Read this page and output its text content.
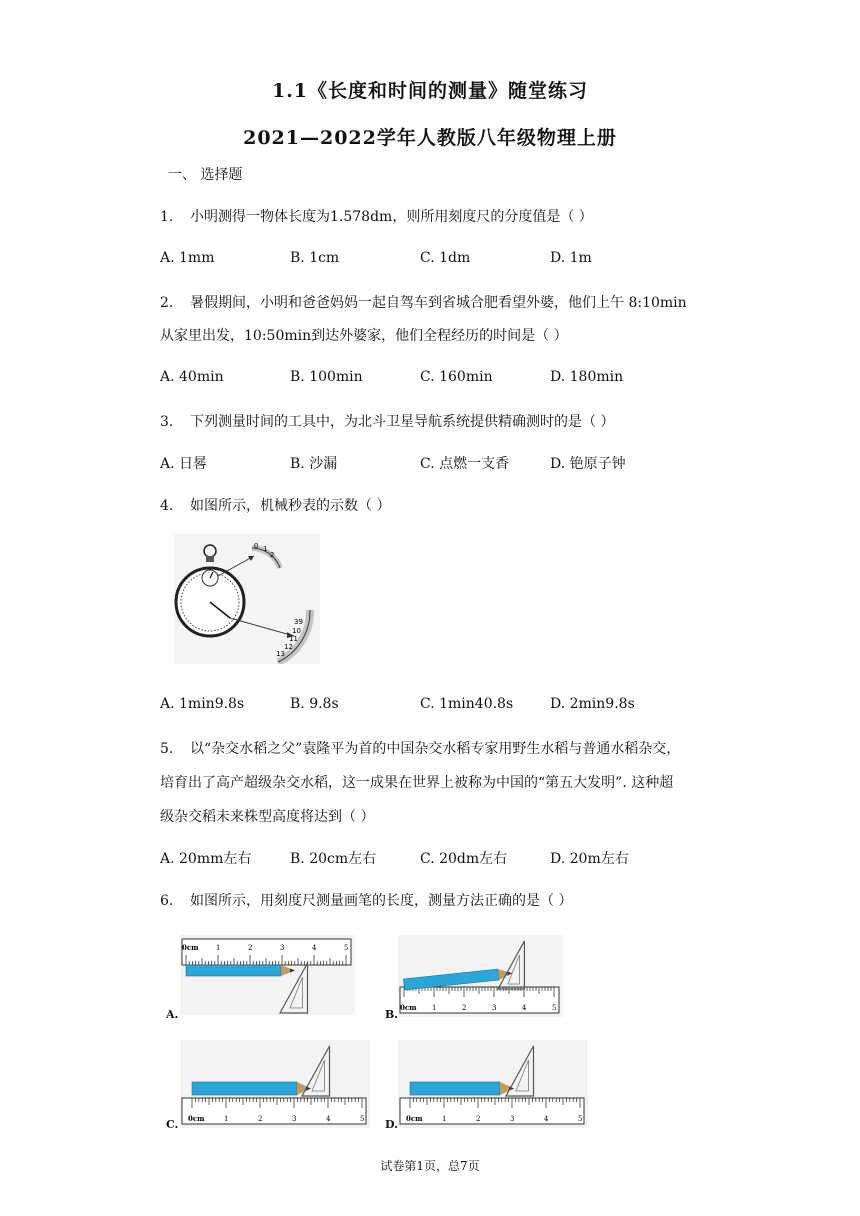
1.1《长度和时间的测量》随堂练习
2021—2022学年人教版八年级物理上册
一、 选择题
1. 小明测得一物体长度为1.578dm，则所用刻度尺的分度值是（ ）
A. 1mm	B. 1cm	C. 1dm	D. 1m
2. 暑假期间，小明和爸爸妈妈一起自驾车到省城合肥看望外婆，他们上午 8:10min
从家里出发，10:50min到达外婆家，他们全程经历的时间是（ ）
A. 40min	B. 100min	C. 160min	D. 180min
3. 下列测量时间的工具中，为北斗卫星导航系统提供精确测时的是（ ）
A. 日晷	B. 沙漏	C. 点燃一支香	D. 铯原子钟
4. 如图所示，机械秒表的示数（ ）
0 1
2
39
10
11
12
13
A. 1min9.8s	B. 9.8s	C. 1min40.8s	D. 2min9.8s
5. 以“杂交水稻之父”袁隆平为首的中国杂交水稻专家用野生水稻与普通水稻杂交，
培育出了高产超级杂交水稻，这一成果在世界上被称为中国的“第五大发明”. 这种超
级杂交稻未来株型高度将达到（ ）
A. 20mm左右	B. 20cm左右	C. 20dm左右	D. 20m左右
6. 如图所示，用刻度尺测量画笔的长度，测量方法正确的是（ ）
0cm 1	2	3	4	5
A.
0cm 1	2	3	4	5
B.
0cm	1	2	3	4	5
C.	0cm	1	2	3	4	5
D.
试卷第1页，总7页
